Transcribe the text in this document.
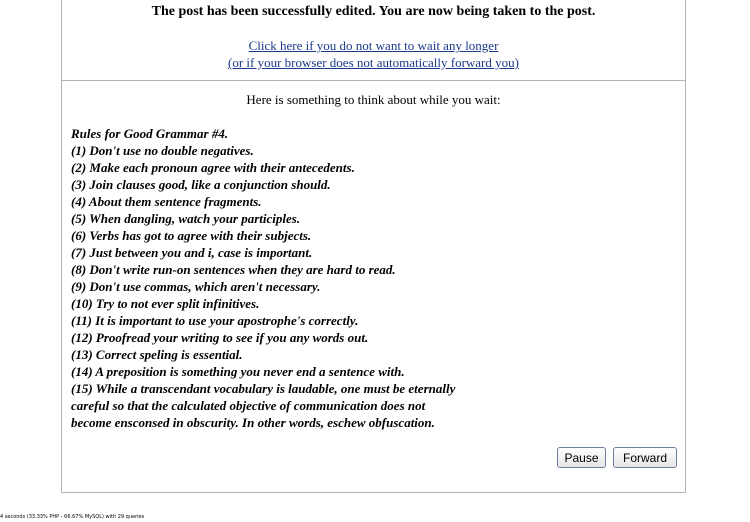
The post has been successfully edited. You are now being taken to the post.
Click here if you do not want to wait any longer
(or if your browser does not automatically forward you)
Here is something to think about while you wait:
Rules for Good Grammar #4.
(1) Don't use no double negatives.
(2) Make each pronoun agree with their antecedents.
(3) Join clauses good, like a conjunction should.
(4) About them sentence fragments.
(5) When dangling, watch your participles.
(6) Verbs has got to agree with their subjects.
(7) Just between you and i, case is important.
(8) Don't write run-on sentences when they are hard to read.
(9) Don't use commas, which aren't necessary.
(10) Try to not ever split infinitives.
(11) It is important to use your apostrophe's correctly.
(12) Proofread your writing to see if you any words out.
(13) Correct speling is essential.
(14) A preposition is something you never end a sentence with.
(15) While a transcendant vocabulary is laudable, one must be eternally
careful so that the calculated objective of communication does not
become ensconsed in obscurity. In other words, eschew obfuscation.
Pause	Forward
4 seconds (33.33% PHP - 66.67% MySQL) with 29 queries
